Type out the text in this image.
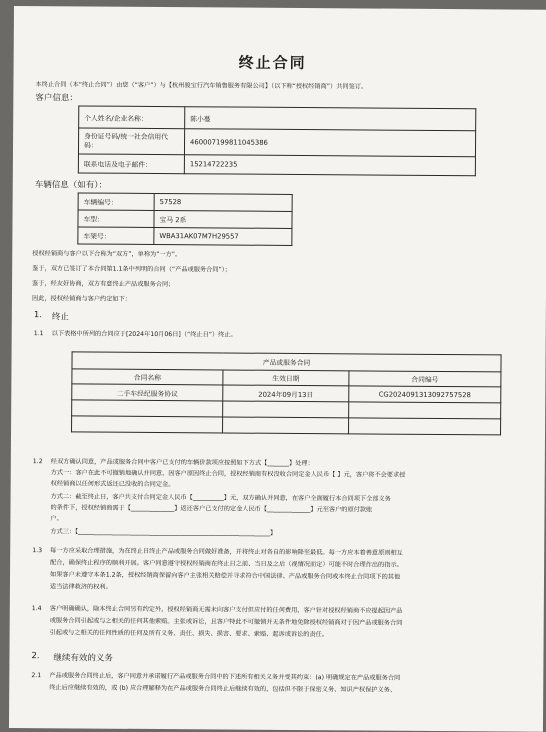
终止合同
本终止合同（本“终止合同”）由您（“客户”）与【杭州骏宝行汽车销售服务有限公司】（以下称“授权经销商”）共同签订。
客户信息：
个人姓名/企业名称：	陈小蔓
身份证号码/统一社会信用代码：	460007199811045386
联系电话及电子邮件：	15214722235
车辆信息（如有）：
车辆编号：	57528
车型：	宝马 2系
车架号：	WBA31AK07M7H29557
授权经销商与客户以下合称为“双方”，单称为“一方”。
鉴于，双方已签订了本合同第1.1条中列明的合同（“产品或服务合同”）；
鉴于，经友好协商，双方有意终止产品或服务合同；
因此，授权经销商与客户约定如下：
1. 终止
1.1 以下表格中所列的合同应于[2024年10月06日]（“终止日”）终止。
产品或服务合同		
合同名称	生效日期	合同编号
二手车经纪服务协议	2024年09月13日	CG2024091313092757528

1.2 经双方确认同意，产品或服务合同中客户已支付的车辆价款项应按照如下方式【_______】处理：
方式一：客户在此不可撤销地确认并同意，因客户原因终止合同，授权经销商有权没收合同定金人民币【 】元，客户将不会要求授
权经销商以任何形式返还已没收的合同定金。
方式二：截至终止日，客户共支付合同定金人民币【__________】元，双方确认并同意，在客户全面履行本合同项下全部义务
的条件下，授权经销商需于【______________】返还客户已支付的定金人民币【______________】元至客户的原付款账
户。
方式三：【______________________________________________________________】
1.3 每一方应采取合理措施，为在终止日终止产品或服务合同做好准备，并将终止对各自的影响降至最低。每一方应本着善意原则相互
配合，确保终止程序的顺利开展。客户同意遵守授权经销商在终止日之前、当日及之后（视情况而定）可能不时合理作出的指示。
如果客户未遵守本条1.2条，授权经销商保留向客户主张相关赔偿并寻求符合中国法律、产品或服务合同或本终止合同项下的其他
适当法律救济的权利。
1.4 客户明确确认，除本终止合同另有约定外，授权经销商无需未向客户支付但应付的任何费用，客户针对授权经销商不应提起因产品
或服务合同引起或与之相关的任何其他索赔。主张或诉讼，且客户特此不可撤销并无条件地免除授权经销商对于因产品或服务合同
引起或与之相关的任何性质的任何及所有义务、责任、损失、损害、要求、索赔、起诉或诉讼的责任。
2. 继续有效的义务
2.1 产品或服务合同终止后，客户同意并承诺履行产品或服务合同中的下述所有相关义务并受其约束：(a) 明确规定在产品或服务合同
终止后应继续有效的，或 (b) 应合理解释为在产品或服务合同终止后继续有效的，包括但不限于保密义务、知识产权保护义务、
